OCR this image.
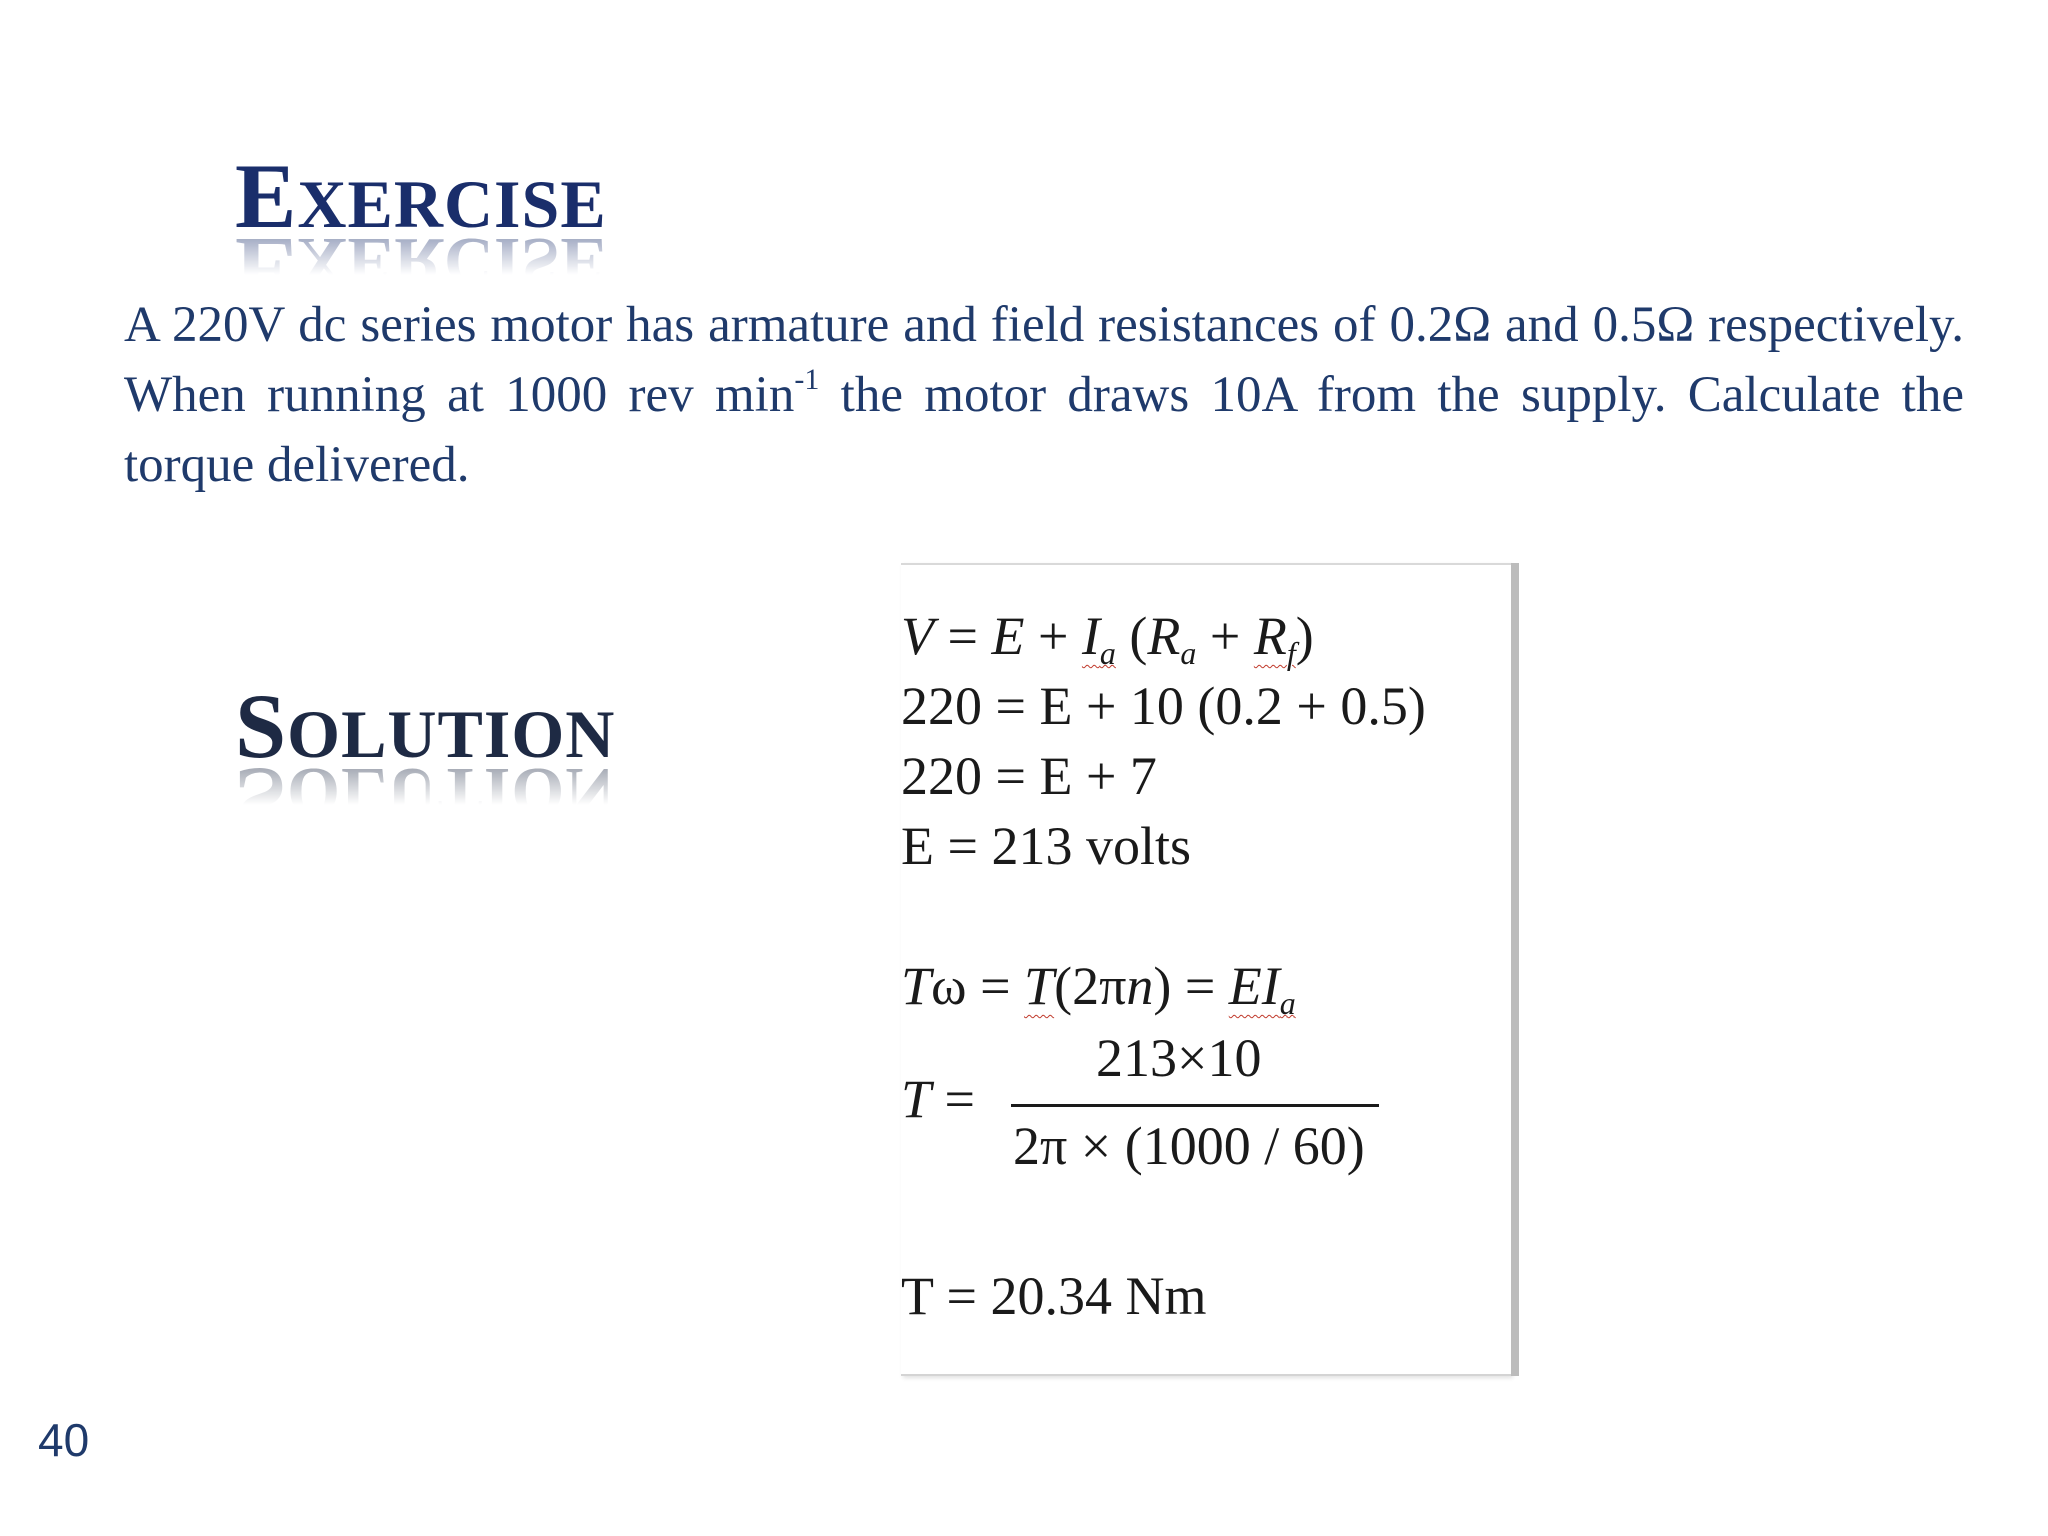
EXERCISE
A 220V dc series motor has armature and field resistances of 0.2Ω and 0.5Ω respectively. When running at 1000 rev $\min^{-1}$ the motor draws 10A from the supply. Calculate the torque delivered.
SOLUTION
$V = E + I_a$ $(R_a + R_f)$
220 = E + 10 (0.2 + 0.5)
220 = E + 7
E = 213 volts
$T\omega = T(2\pi n) = EI_a$
T =
213×10
2π × (1000 / 60)
T = 20.34 Nm
40
